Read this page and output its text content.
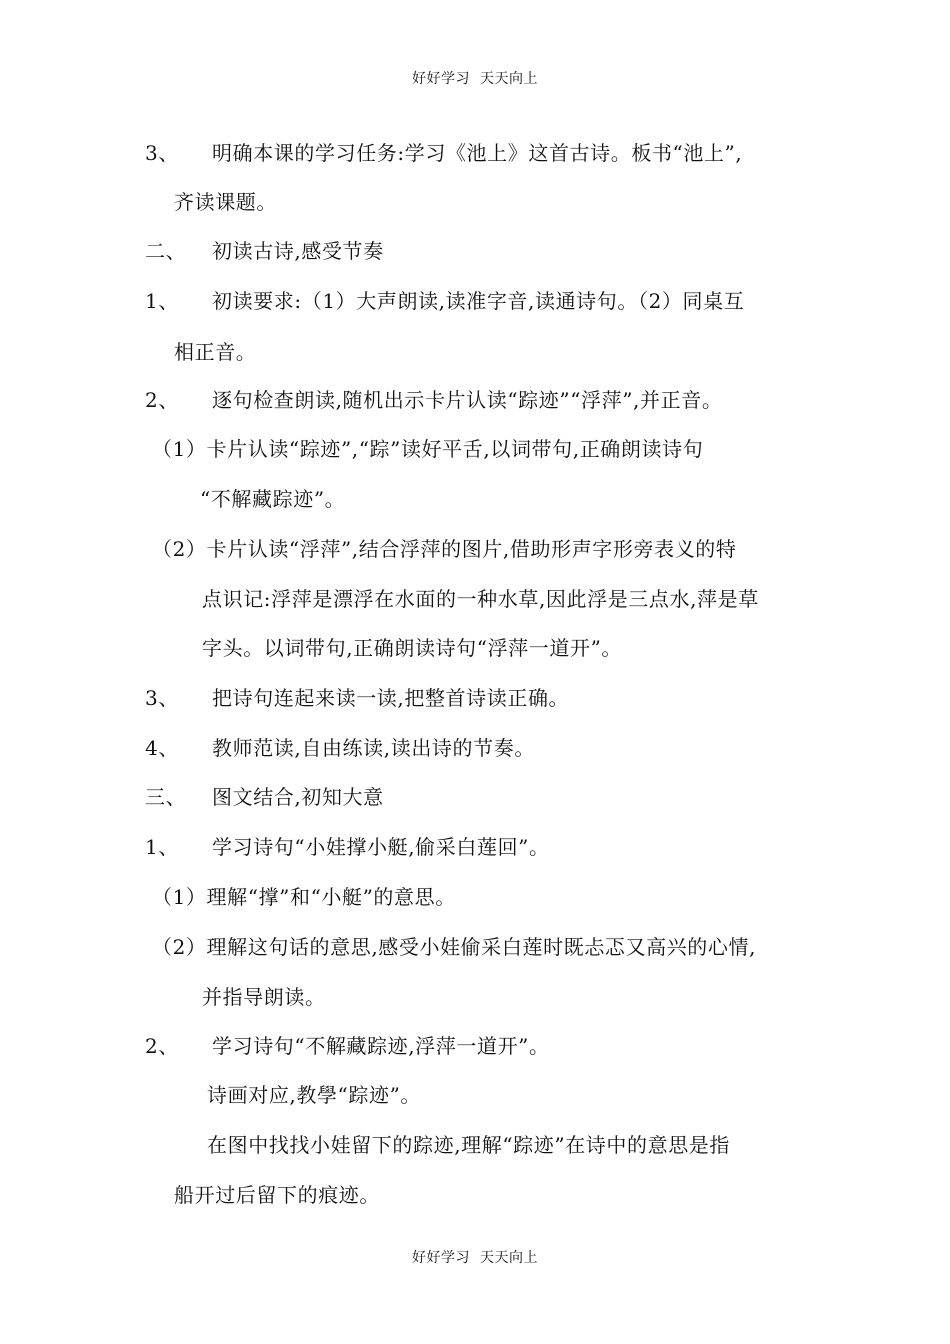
好好学习 天天向上
3、 明确本课的学习任务:学习《池上》这首古诗。板书“池上”,
齐读课题。
二、 初读古诗,感受节奏
1、 初读要求:（1）大声朗读,读准字音,读通诗句。（2）同桌互
相正音。
2、 逐句检查朗读,随机出示卡片认读“踪迹”“浮萍”,并正音。
（1）卡片认读“踪迹”,“踪”读好平舌,以词带句,正确朗读诗句
“不解藏踪迹”。
（2）卡片认读“浮萍”,结合浮萍的图片,借助形声字形旁表义的特
点识记:浮萍是漂浮在水面的一种水草,因此浮是三点水,萍是草
字头。以词带句,正确朗读诗句“浮萍一道开”。
3、 把诗句连起来读一读,把整首诗读正确。
4、 教师范读,自由练读,读出诗的节奏。
三、 图文结合,初知大意
1、 学习诗句“小娃撑小艇,偷采白莲回”。
（1）理解“撑”和“小艇”的意思。
（2）理解这句话的意思,感受小娃偷采白莲时既忐忑又高兴的心情,
并指导朗读。
2、 学习诗句“不解藏踪迹,浮萍一道开”。
诗画对应,教學“踪迹”。
在图中找找小娃留下的踪迹,理解“踪迹”在诗中的意思是指
船开过后留下的痕迹。
好好学习 天天向上
